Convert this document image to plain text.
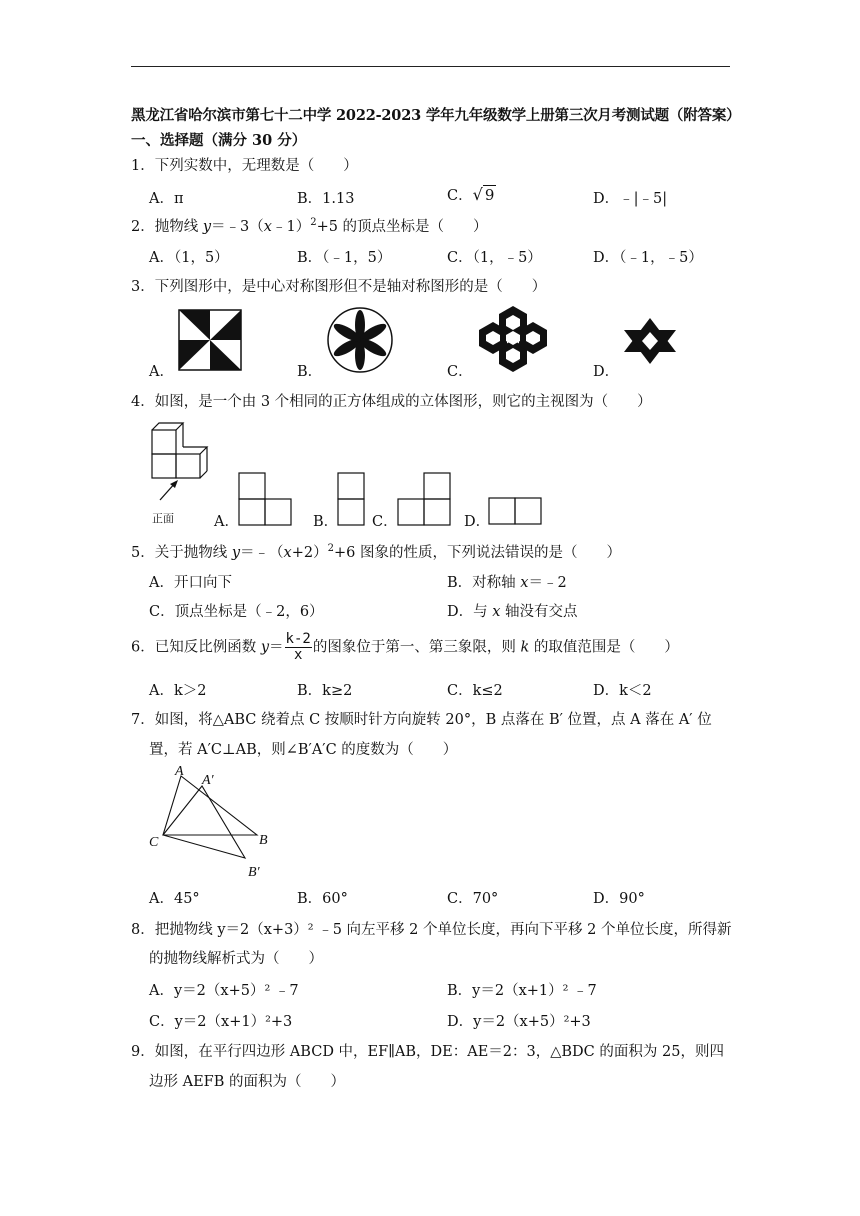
黑龙江省哈尔滨市第七十二中学 2022-2023 学年九年级数学上册第三次月考测试题（附答案）
一、选择题（满分 30 分）
1．下列实数中，无理数是（　　）
A．π	B．1.13	C．√ 9	D．﹣|﹣5|
2．抛物线 y＝﹣3（x﹣1）$^2$+5 的顶点坐标是（　　）
A．（1，5）	B．（﹣1，5）	C．（1，﹣5）	D．（﹣1，﹣5）
3．下列图形中，是中心对称图形但不是轴对称图形的是（　　）
A．	B．	C．	D．
4．如图，是一个由 3 个相同的正方体组成的立体图形，则它的主视图为（　　）
正面	A．	B． C．	D．
5．关于抛物线 $y=﹣(x+2)^2+6$ 图象的性质，下列说法错误的是（　　）
A．开口向下	B．对称轴 x＝﹣2
C．顶点坐标是（﹣2，6）	D．与 x 轴没有交点
6．已知反比例函数 $y= \frac{k-2}{x}$ 的图象位于第一、第三象限，则 k 的取值范围是（　　）
A．k＞2	B．k≥2	C．k≤2	D．k＜2
7．如图，将△ABC 绕着点 C 按顺时针方向旋转 20°，B 点落在 B′ 位置，点 A 落在 A′ 位
置，若 A′C⊥AB，则∠B′A′C 的度数为（　　）
A
A′
B
B′
C
A．45°	B．60°	C．70°	D．90°
8．把抛物线 y＝2（x+3）² ﹣5 向左平移 2 个单位长度，再向下平移 2 个单位长度，所得新
的抛物线解析式为（　　）
A．y＝2（x+5）² ﹣7	B．y＝2（x+1）² ﹣7
C．y＝2（x+1）²+3	D．y＝2（x+5）²+3
9．如图，在平行四边形 ABCD 中，EF∥AB，DE：AE＝2：3，△BDC 的面积为 25，则四
边形 AEFB 的面积为（　　）
